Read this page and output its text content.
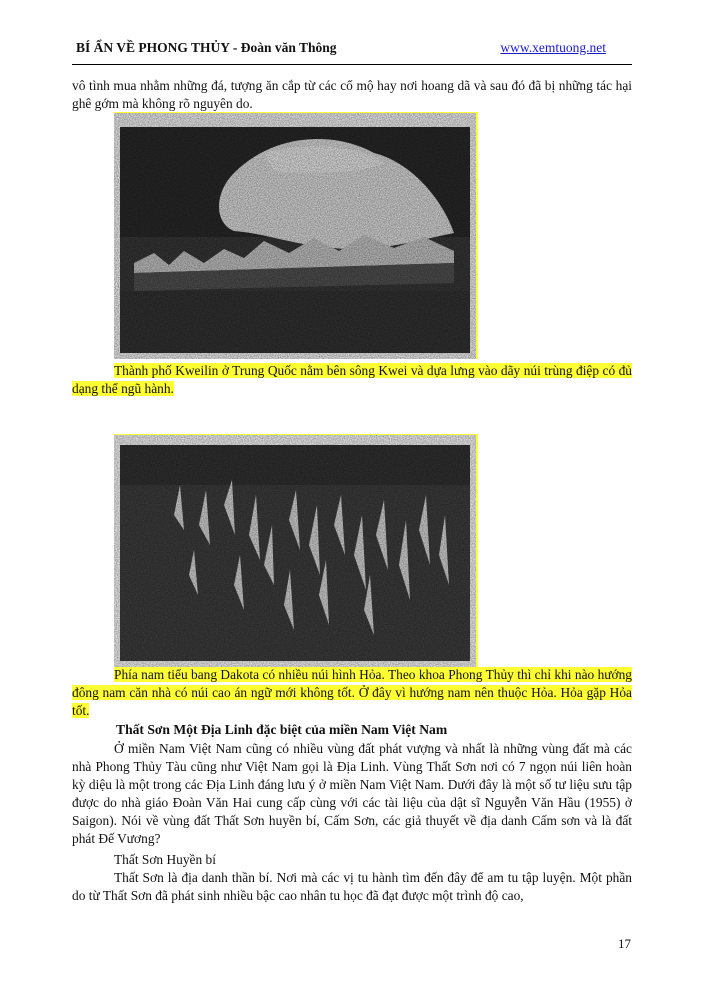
BÍ ẨN VỀ PHONG THỦY - Đoàn văn Thông	www.xemtuong.net

vô tình mua nhằm những đá, tượng ăn cắp từ các cổ mộ hay nơi hoang dã và sau đó đã bị những tác hại ghê gớm mà không rõ nguyên do.

Thành phố Kweilin ở Trung Quốc nằm bên sông Kwei và dựa lưng vào dãy núi trùng điệp có đủ dạng thể ngũ hành.

Phía nam tiểu bang Dakota có nhiều núi hình Hỏa. Theo khoa Phong Thủy thì chỉ khi nào hướng đông nam căn nhà có núi cao án ngữ mới không tốt. Ở đây vì hướng nam nên thuộc Hỏa. Hỏa gặp Hỏa tốt.

Thất Sơn Một Địa Linh đặc biệt của miền Nam Việt Nam

Ở miền Nam Việt Nam cũng có nhiều vùng đất phát vượng và nhất là những vùng đất mà các nhà Phong Thủy Tàu cũng như Việt Nam gọi là Địa Linh. Vùng Thất Sơn nơi có 7 ngọn núi liên hoàn kỳ diệu là một trong các Địa Linh đáng lưu ý ở miền Nam Việt Nam. Dưới đây là một số tư liệu sưu tập được do nhà giáo Đoàn Văn Hai cung cấp cùng với các tài liệu của dật sĩ Nguyễn Văn Hầu (1955) ở Saigon). Nói về vùng đất Thất Sơn huyền bí, Cấm Sơn, các giả thuyết về địa danh Cấm sơn và là đất phát Đế Vương?

Thất Sơn Huyền bí

Thất Sơn là địa danh thần bí. Nơi mà các vị tu hành tìm đến đây để am tu tập luyện. Một phần do từ Thất Sơn đã phát sinh nhiều bậc cao nhân tu học đã đạt được một trình độ cao,

17
